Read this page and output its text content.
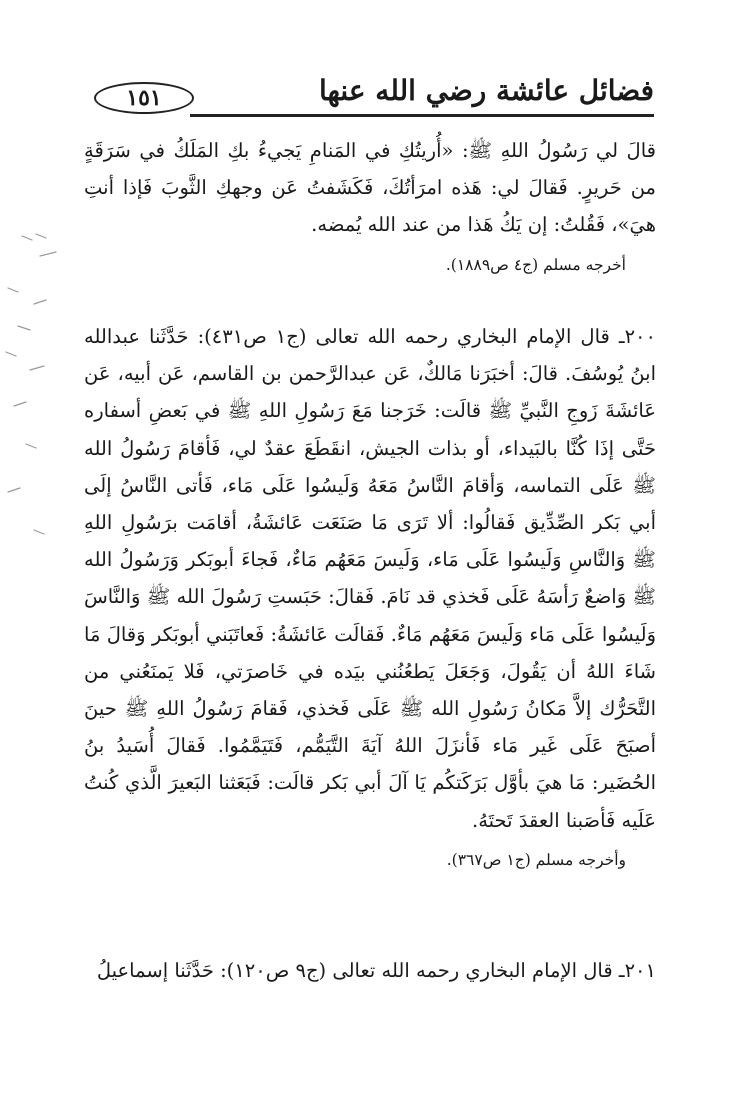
١٥١	فضائل عائشة رضي الله عنها

قالَ لي رَسُولُ اللهِ ﷺ: «أُريتُكِ في المَنامِ يَجيءُ بكِ المَلَكُ في سَرَقَةٍ من حَريرٍ. فَقالَ لي: هَذه امرَأتُكَ، فَكَشَفتُ عَن وجهكِ الثَّوبَ فَإذا أنتِ هيَ»، فَقُلتُ: إن يَكُ هَذا من عند الله يُمضه.

أخرجه مسلم (ج٤ ص١٨٨٩).

٢٠٠ـ قال الإمام البخاري رحمه الله تعالى (ج١ ص٤٣١): حَدَّثَنا عبدالله ابنُ يُوسُفَ. قالَ: أخبَرَنا مَالكٌ، عَن عبدالرَّحمن بن القاسم، عَن أبيه، عَن عَائشَةَ زَوجِ النَّبيِّ ﷺ قالَت: خَرَجنا مَعَ رَسُولِ اللهِ ﷺ في بَعضِ أسفاره حَتَّى إذَا كُنَّا بالبَيداء، أو بذات الجيش، انقَطَعَ عقدٌ لي، فَأقامَ رَسُولُ الله ﷺ عَلَى التماسه، وَأقامَ النَّاسُ مَعَهُ وَلَيسُوا عَلَى مَاء، فَأتى النَّاسُ إلَى أبي بَكر الصِّدِّيق فَقالُوا: ألا تَرَى مَا صَنَعَت عَائشَةُ، أقامَت برَسُولِ اللهِ ﷺ وَالنَّاسِ وَلَيسُوا عَلَى مَاء، وَلَيسَ مَعَهُم مَاءٌ، فَجاءَ أبوبَكر وَرَسُولُ الله ﷺ وَاضعٌ رَأسَهُ عَلَى فَخذي قد نَامَ. فَقالَ: حَبَستِ رَسُولَ الله ﷺ وَالنَّاسَ وَلَيسُوا عَلَى مَاء وَلَيسَ مَعَهُم مَاءٌ. فَقالَت عَائشَةُ: فَعاتَبَني أبوبَكر وَقالَ مَا شَاءَ اللهُ أن يَقُولَ، وَجَعَلَ يَطعُنُني بيَده في خَاصرَتي، فَلا يَمنَعُني من التَّحَرُّك إلاَّ مَكانُ رَسُولِ الله ﷺ عَلَى فَخذي، فَقامَ رَسُولُ اللهِ ﷺ حينَ أصبَحَ عَلَى غَير مَاء فَأنزَلَ اللهُ آيَةَ التَّيَمُّم، فَتَيَمَّمُوا. فَقالَ أُسَيدُ بنُ الحُضَير: مَا هيَ بأوَّل بَرَكَتكُم يَا آلَ أبي بَكر قالَت: فَبَعَثنا البَعيرَ الَّذي كُنتُ عَلَيه فَأصَبنا العقدَ تَحتَهُ.

وأخرجه مسلم (ج١ ص٣٦٧).

٢٠١ـ قال الإمام البخاري رحمه الله تعالى (ج٩ ص١٢٠): حَدَّثَنا إسماعيلُ
